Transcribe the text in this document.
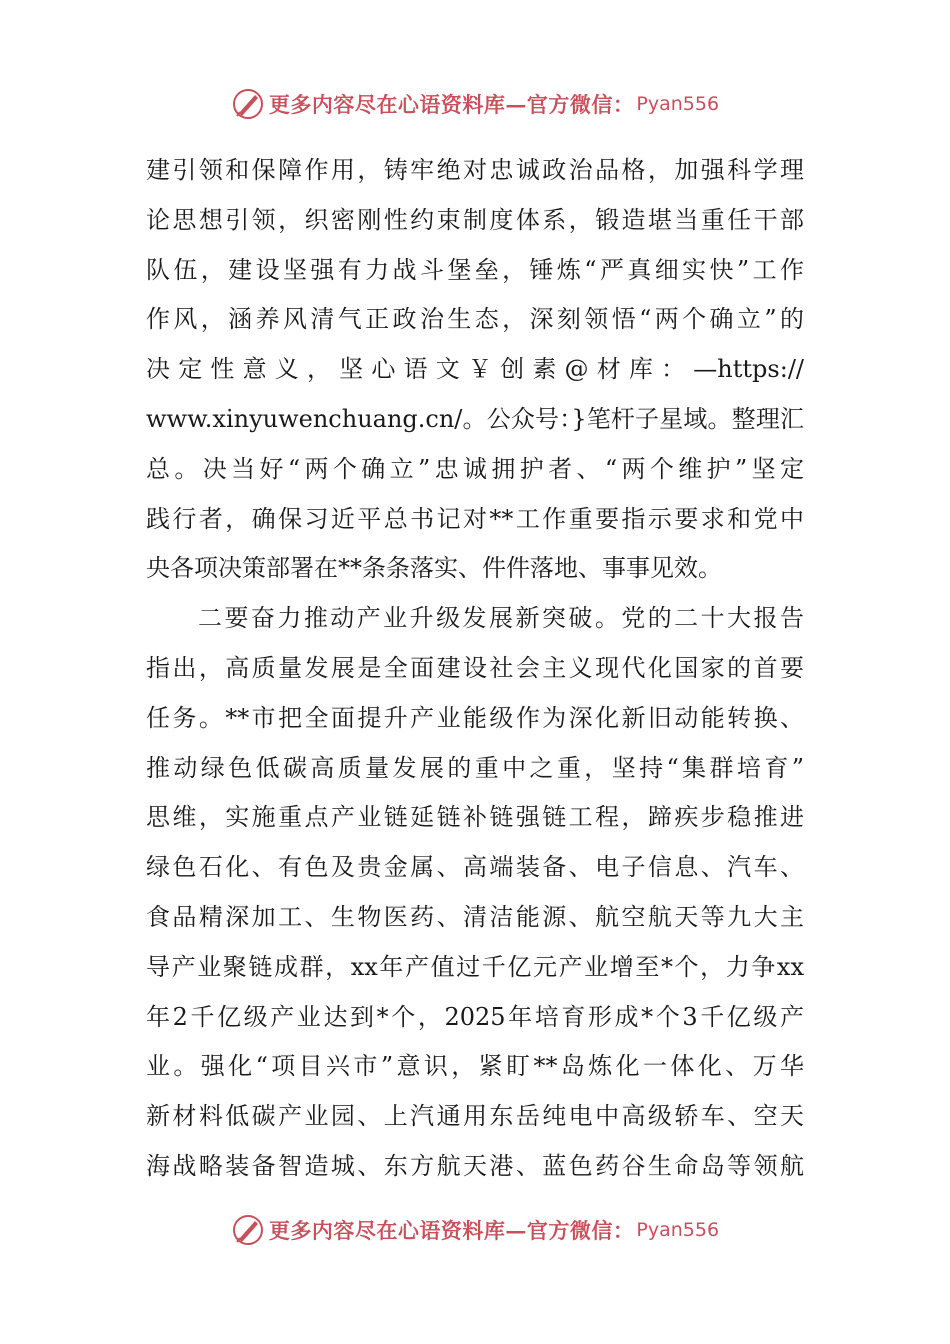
更多内容尽在心语资料库—官方微信： Pyan556
建引领和保障作用，铸牢绝对忠诚政治品格，加强科学理
论思想引领，织密刚性约束制度体系，锻造堪当重任干部
队伍，建设坚强有力战斗堡垒，锤炼“严真细实快”工作
作风，涵养风清气正政治生态，深刻领悟“两个确立”的
决定性意义，坚心语文￥创素@材库：—https://
www.xinyuwenchuang.cn/。公众号：}笔杆子星域。整理汇
总。决当好“两个确立”忠诚拥护者、“两个维护”坚定
践行者，确保习近平总书记对**工作重要指示要求和党中
央各项决策部署在**条条落实、件件落地、事事见效。
二要奋力推动产业升级发展新突破。党的二十大报告
指出，高质量发展是全面建设社会主义现代化国家的首要
任务。**市把全面提升产业能级作为深化新旧动能转换、
推动绿色低碳高质量发展的重中之重，坚持“集群培育”
思维，实施重点产业链延链补链强链工程，蹄疾步稳推进
绿色石化、有色及贵金属、高端装备、电子信息、汽车、
食品精深加工、生物医药、清洁能源、航空航天等九大主
导产业聚链成群，xx年产值过千亿元产业增至*个，力争xx
年2千亿级产业达到*个，2025年培育形成*个3千亿级产
业。强化“项目兴市”意识，紧盯**岛炼化一体化、万华
新材料低碳产业园、上汽通用东岳纯电中高级轿车、空天
海战略装备智造城、东方航天港、蓝色药谷生命岛等领航
更多内容尽在心语资料库—官方微信： Pyan556
